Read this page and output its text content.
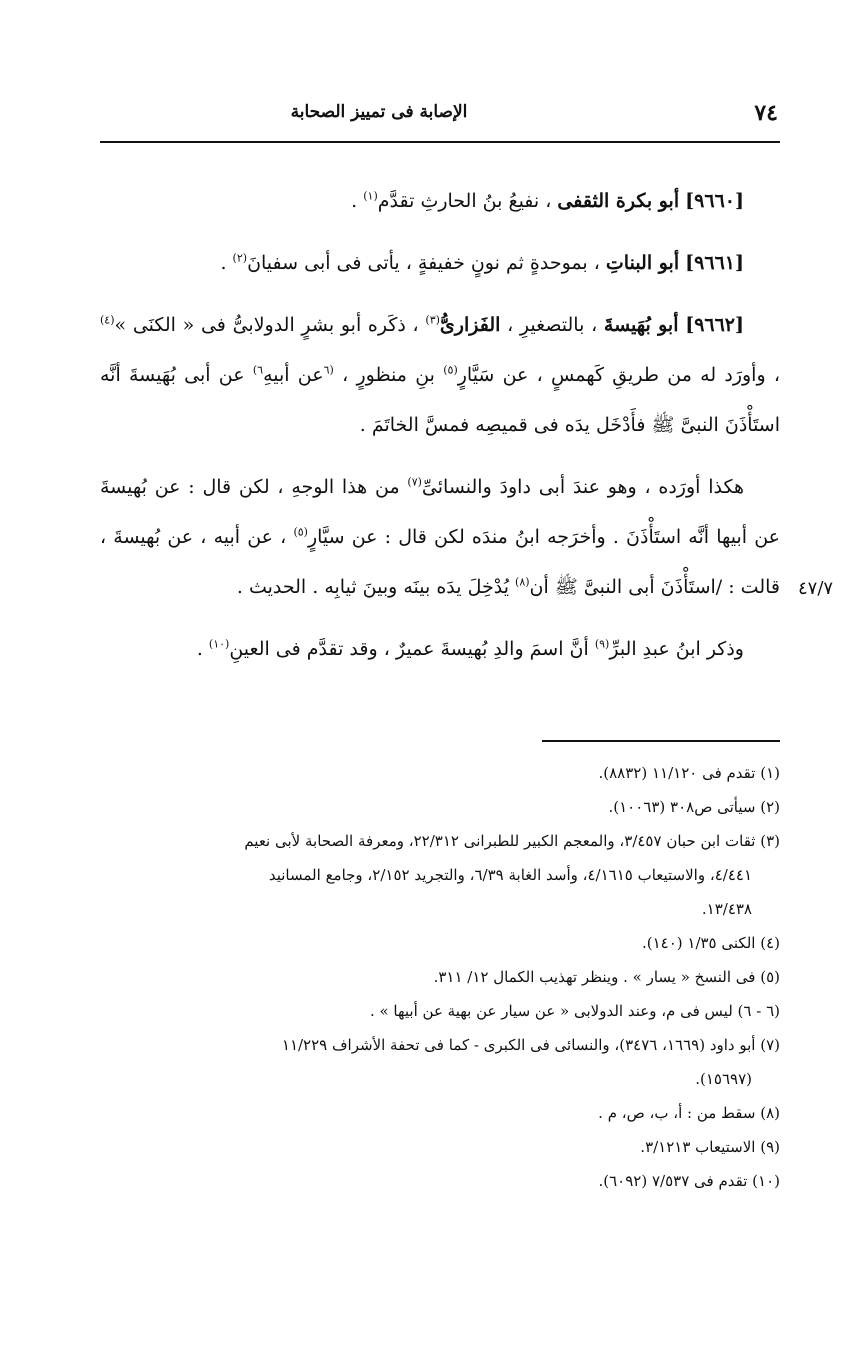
٧٤
الإصابة فى تمييز الصحابة
٤٧/٧

[٩٦٦٠] أبو بكرة الثقفى ، نفيعُ بنُ الحارثِ تقدَّم$^{(١)}$ .

[٩٦٦١] أبو البناتِ ، بموحدةٍ ثم نونٍ خفيفةٍ ، يأتى فى أبى سفيانَ$^{(٢)}$ .

[٩٦٦٢] أبو بُهَيسةَ ، بالتصغيرِ ، الفَزارىُّ$^{(٣)}$ ، ذكَره أبو بشرٍ الدولابىُّ فى « الكنَى »$^{(٤)}$ ، وأورَد له من طريقِ كَهمسٍ ، عن سَيَّارٍ$^{(٥)}$ بنِ منظورٍ ، $^{(٦}$عن أبيهِ$^{٦)}$ عن أبى بُهَيسةَ أنَّه استَأْذَنَ النبىَّ ﷺ فأَدْخَل يدَه فى قميصِه فمسَّ الخاتَمَ .

هكذا أورَده ، وهو عندَ أبى داودَ والنسائىِّ$^{(٧)}$ من هذا الوجهِ ، لكن قال : عن بُهيسةَ عن أبيها أنَّه استَأْذَنَ . وأخرَجه ابنُ مندَه لكن قال : عن سيَّارٍ$^{(٥)}$ ، عن أبيه ، عن بُهيسةَ ، قالت : /استَأْذَنَ أبى النبىَّ ﷺ أن$^{(٨)}$ يُدْخِلَ يدَه بينَه وبينَ ثيابِه . الحديث .

وذكر ابنُ عبدِ البرِّ$^{(٩)}$ أنَّ اسمَ والدِ بُهيسةَ عميرٌ ، وقد تقدَّم فى العينِ$^{(١٠)}$ .

(١) تقدم فى ١١/١٢٠ (٨٨٣٢).

(٢) سيأتى ص٣٠٨ (١٠٠٦٣).

(٣) ثقات ابن حبان ٣/٤٥٧، والمعجم الكبير للطبرانى ٢٢/٣١٢، ومعرفة الصحابة لأبى نعيم

٤/٤٤١، والاستيعاب ٤/١٦١٥، وأسد الغابة ٦/٣٩، والتجريد ٢/١٥٢، وجامع المسانيد

١٣/٤٣٨.

(٤) الكنى ١/٣٥ (١٤٠).

(٥) فى النسخ « يسار » . وينظر تهذيب الكمال ١٢/ ٣١١.

(٦ - ٦) ليس فى م، وعند الدولابى « عن سيار عن بهية عن أبيها » .

(٧) أبو داود (١٦٦٩، ٣٤٧٦)، والنسائى فى الكبرى - كما فى تحفة الأشراف ١١/٢٢٩

(١٥٦٩٧).

(٨) سقط من : أ، ب، ص، م .

(٩) الاستيعاب ٣/١٢١٣.

(١٠) تقدم فى ٧/٥٣٧ (٦٠٩٢).
